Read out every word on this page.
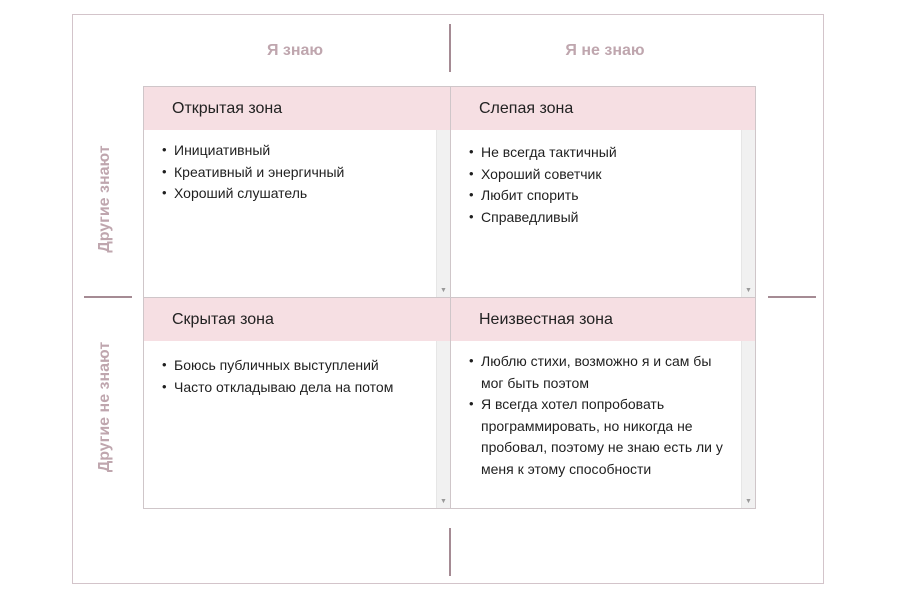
Я знаю	Я не знаю
Другие знают
Другие не знают
Открытая зона
• Инициативный
• Креативный и энергичный
• Хороший слушатель
▼
Слепая зона
• Не всегда тактичный
• Хороший советчик
• Любит спорить
• Справедливый
▼
Скрытая зона
• Боюсь публичных выступлений
• Часто откладываю дела на потом
▼
Неизвестная зона
• Люблю стихи, возможно я и сам бы мог быть поэтом
• Я всегда хотел попробовать программировать, но никогда не пробовал, поэтому не знаю есть ли у меня к этому способности
▼
